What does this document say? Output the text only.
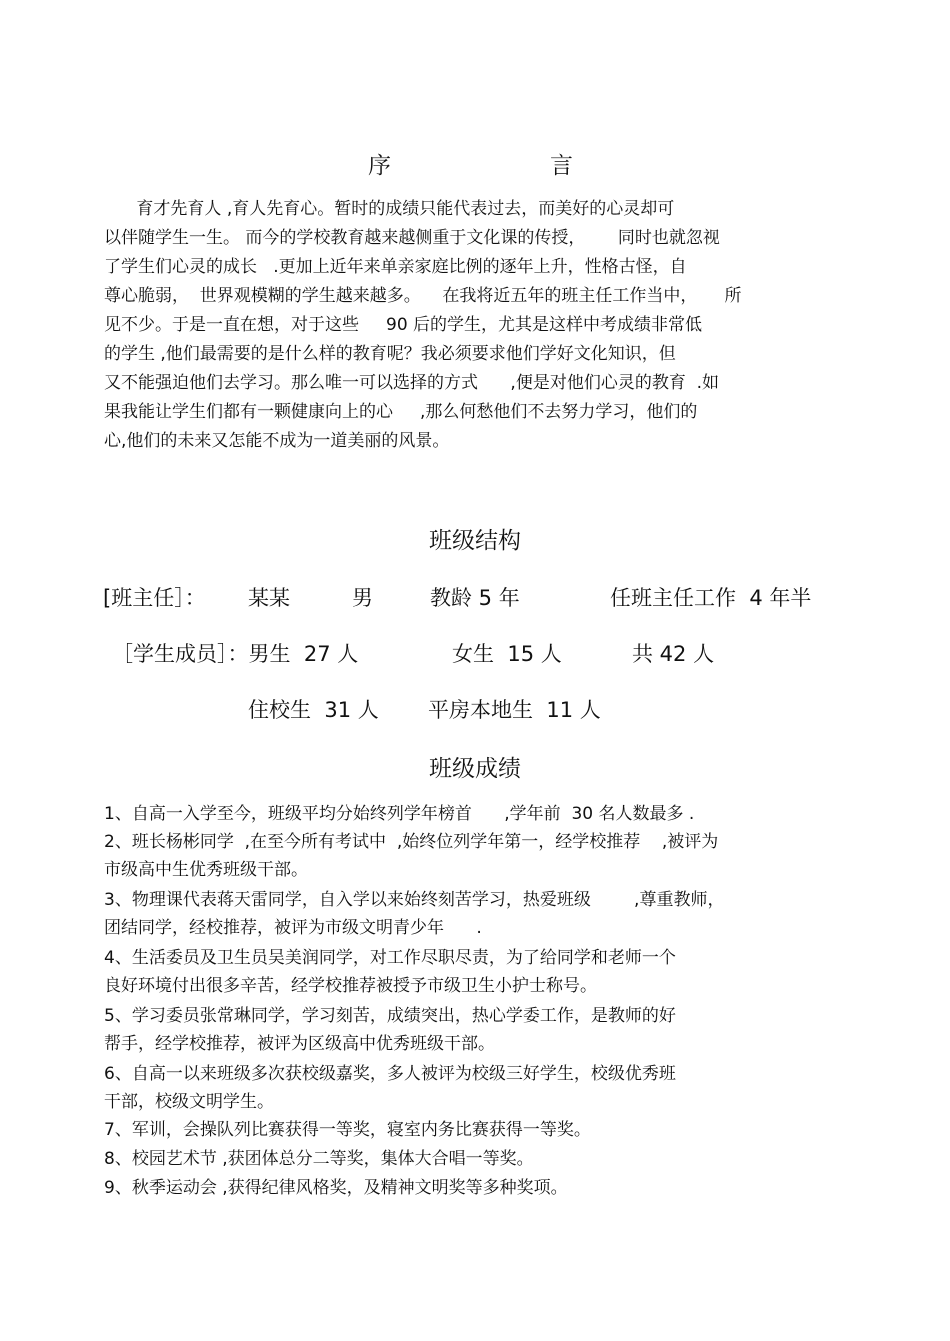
序	言
育才先育人 ,育人先育心。暂时的成绩只能代表过去，而美好的心灵却可
以伴随学生一生。 而今的学校教育越来越侧重于文化课的传授，      同时也就忽视
了学生们心灵的成长   .更加上近年来单亲家庭比例的逐年上升，性格古怪，自
尊心脆弱，  世界观模糊的学生越来越多。    在我将近五年的班主任工作当中，     所
见不少。于是一直在想，对于这些     90 后的学生，尤其是这样中考成绩非常低
的学生 ,他们最需要的是什么样的教育呢？我必须要求他们学好文化知识，但
又不能强迫他们去学习。那么唯一可以选择的方式      ,便是对他们心灵的教育  .如
果我能让学生们都有一颗健康向上的心     ,那么何愁他们不去努力学习，他们的
心,他们的未来又怎能不成为一道美丽的风景。
班级结构
[班主任］： 某某	男	教龄 5 年	任班主任工作  4 年半
［学生成员］：男生  27 人	女生  15 人	共 42 人
住校生  31 人 平房本地生  11 人
班级成绩
1、自高一入学至今，班级平均分始终列学年榜首      ,学年前  30 名人数最多 .
2、班长杨彬同学  ,在至今所有考试中  ,始终位列学年第一，经学校推荐    ,被评为
市级高中生优秀班级干部。
3、物理课代表蒋天雷同学，自入学以来始终刻苦学习，热爱班级        ,尊重教师，
团结同学，经校推荐，被评为市级文明青少年      .
4、生活委员及卫生员吴美润同学，对工作尽职尽责，为了给同学和老师一个
良好环境付出很多辛苦，经学校推荐被授予市级卫生小护士称号。
5、学习委员张常琳同学，学习刻苦，成绩突出，热心学委工作，是教师的好
帮手，经学校推荐，被评为区级高中优秀班级干部。
6、自高一以来班级多次获校级嘉奖，多人被评为校级三好学生，校级优秀班
干部，校级文明学生。
7、军训，会操队列比赛获得一等奖，寝室内务比赛获得一等奖。
8、校园艺术节 ,获团体总分二等奖，集体大合唱一等奖。
9、秋季运动会 ,获得纪律风格奖，及精神文明奖等多种奖项。
